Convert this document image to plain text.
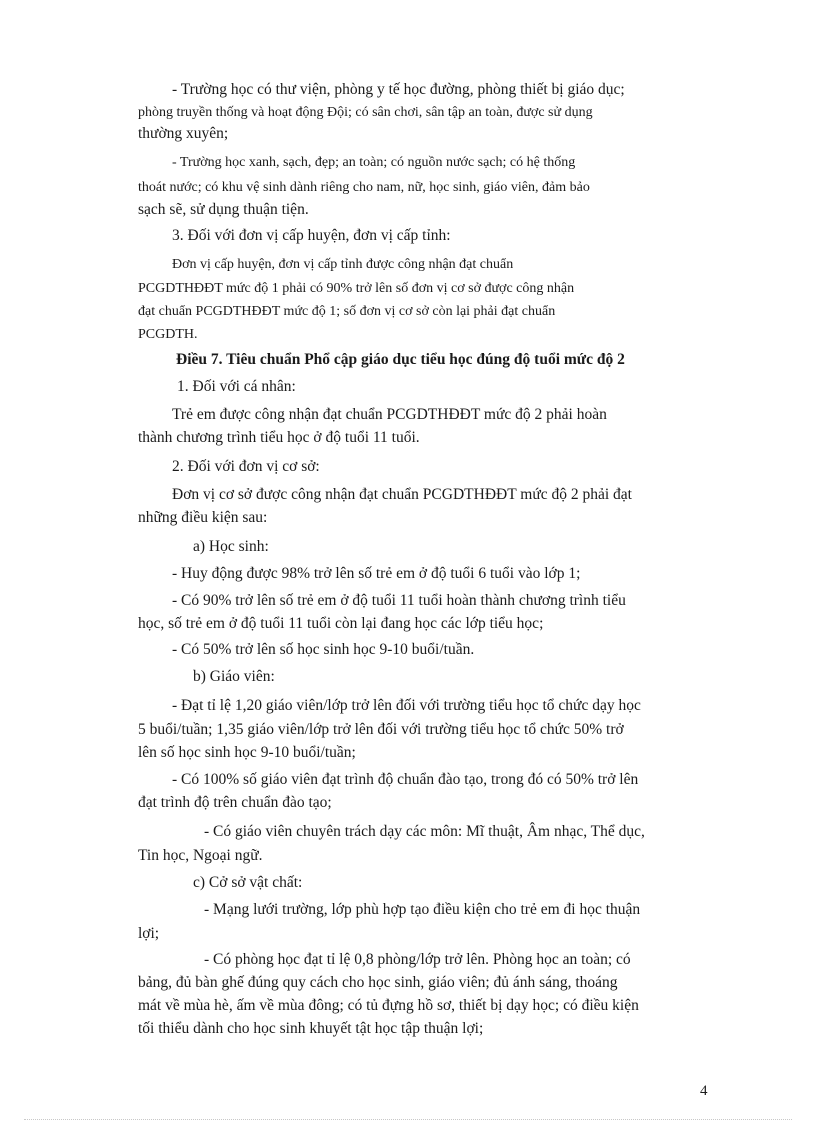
- Trường học có thư viện, phòng y tế học đường, phòng thiết bị giáo dục;

phòng truyền thống và hoạt động Đội; có sân chơi, sân tập an toàn, được sử dụng

thường xuyên;

- Trường học xanh, sạch, đẹp; an toàn; có nguồn nước sạch; có hệ thống

thoát nước; có khu vệ sinh dành riêng cho nam, nữ, học sinh, giáo viên, đảm bảo

sạch sẽ, sử dụng thuận tiện.

3. Đối với đơn vị cấp huyện, đơn vị cấp tỉnh:

Đơn vị cấp huyện, đơn vị cấp tỉnh được công nhận đạt chuẩn

PCGDTHĐĐT mức độ 1 phải có 90% trở lên số đơn vị cơ sở được công nhận

đạt chuẩn PCGDTHĐĐT mức độ 1; số đơn vị cơ sở còn lại phải đạt chuẩn

PCGDTH.

Điều 7. Tiêu chuẩn Phổ cập giáo dục tiểu học đúng độ tuổi mức độ 2

1. Đối với cá nhân:

Trẻ em được công nhận đạt chuẩn PCGDTHĐĐT mức độ 2 phải hoàn

thành chương trình tiểu học ở độ tuổi 11 tuổi.

2. Đối với đơn vị cơ sở:

Đơn vị cơ sở được công nhận đạt chuẩn PCGDTHĐĐT mức độ 2 phải đạt

những điều kiện sau:

a) Học sinh:

- Huy động được 98% trở lên số trẻ em ở độ tuổi 6 tuổi vào lớp 1;

- Có 90% trở lên số trẻ em ở độ tuổi 11 tuổi hoàn thành chương trình tiểu

học, số trẻ em ở độ tuổi 11 tuổi còn lại đang học các lớp tiểu học;

- Có 50% trở lên số học sinh học 9-10 buổi/tuần.

b) Giáo viên:

- Đạt tỉ lệ 1,20 giáo viên/lớp trở lên đối với trường tiểu học tổ chức dạy học

5 buổi/tuần; 1,35 giáo viên/lớp trở lên đối với trường tiểu học tổ chức 50% trở

lên số học sinh học 9-10 buổi/tuần;

- Có 100% số giáo viên đạt trình độ chuẩn đào tạo, trong đó có 50% trở lên

đạt trình độ trên chuẩn đào tạo;

- Có giáo viên chuyên trách dạy các môn: Mĩ thuật, Âm nhạc, Thể dục,

Tin học, Ngoại ngữ.

c) Cở sở vật chất:

- Mạng lưới trường, lớp phù hợp tạo điều kiện cho trẻ em đi học thuận

lợi;

- Có phòng học đạt tỉ lệ 0,8 phòng/lớp trở lên. Phòng học an toàn; có

bảng, đủ bàn ghế đúng quy cách cho học sinh, giáo viên; đủ ánh sáng, thoáng

mát về mùa hè, ấm về mùa đông; có tủ đựng hồ sơ, thiết bị dạy học; có điều kiện

tối thiểu dành cho học sinh khuyết tật học tập thuận lợi;

4
